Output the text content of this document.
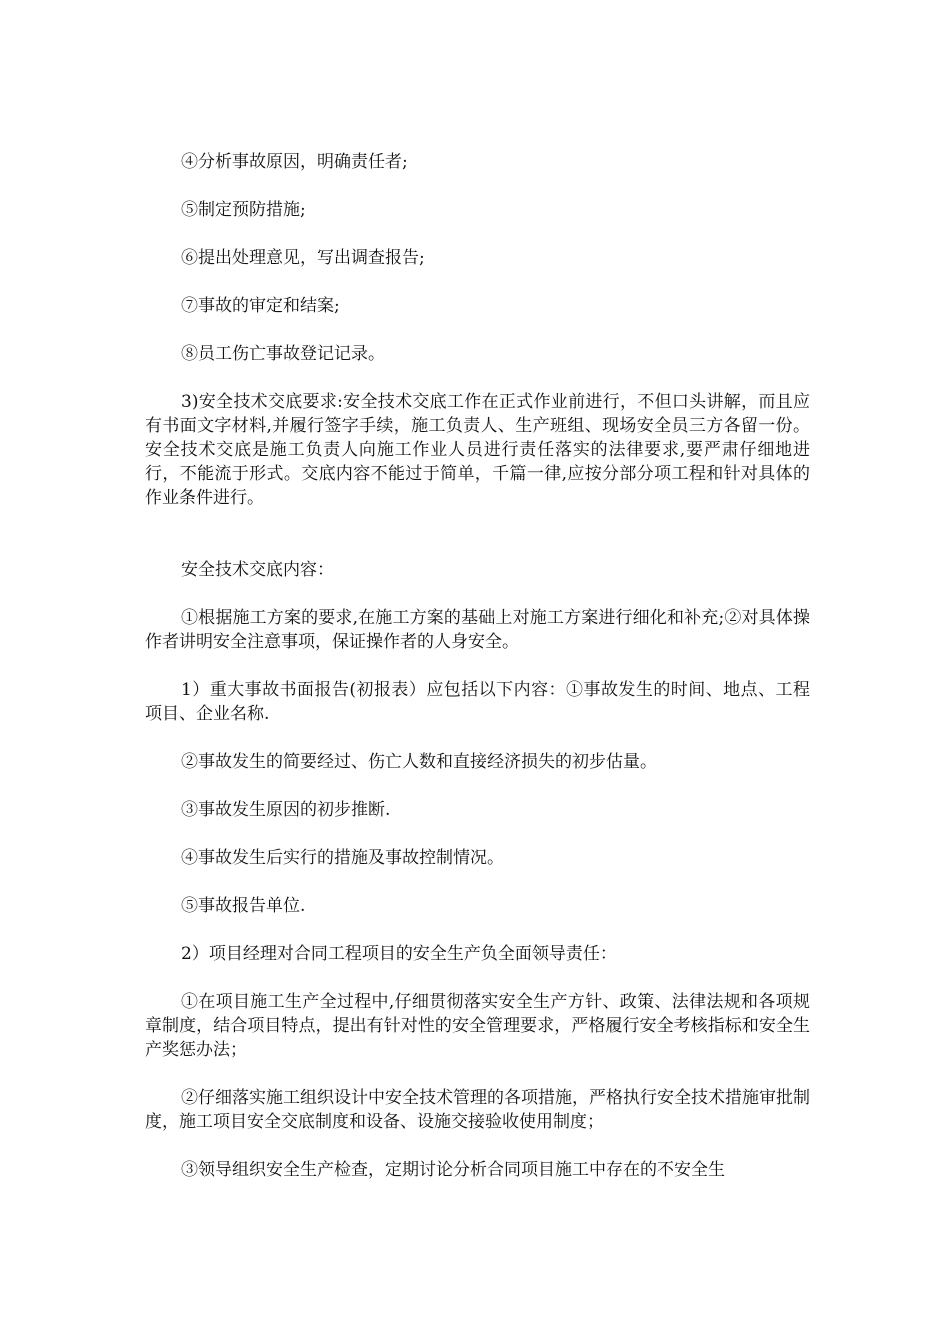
④分析事故原因，明确责任者;

⑤制定预防措施;

⑥提出处理意见，写出调查报告;

⑦事故的审定和结案;

⑧员工伤亡事故登记记录。

3)安全技术交底要求:安全技术交底工作在正式作业前进行，不但口头讲解，而且应有书面文字材料,并履行签字手续，施工负责人、生产班组、现场安全员三方各留一份。安全技术交底是施工负责人向施工作业人员进行责任落实的法律要求,要严肃仔细地进行，不能流于形式。交底内容不能过于简单，千篇一律,应按分部分项工程和针对具体的作业条件进行。

安全技术交底内容：

①根据施工方案的要求,在施工方案的基础上对施工方案进行细化和补充;②对具体操作者讲明安全注意事项，保证操作者的人身安全。

1）重大事故书面报告(初报表）应包括以下内容：①事故发生的时间、地点、工程项目、企业名称.

②事故发生的简要经过、伤亡人数和直接经济损失的初步估量。

③事故发生原因的初步推断.

④事故发生后实行的措施及事故控制情况。

⑤事故报告单位.

2）项目经理对合同工程项目的安全生产负全面领导责任：

①在项目施工生产全过程中,仔细贯彻落实安全生产方针、政策、法律法规和各项规章制度，结合项目特点，提出有针对性的安全管理要求，严格履行安全考核指标和安全生产奖惩办法；

②仔细落实施工组织设计中安全技术管理的各项措施，严格执行安全技术措施审批制度，施工项目安全交底制度和设备、设施交接验收使用制度；

③领导组织安全生产检查，定期讨论分析合同项目施工中存在的不安全生
